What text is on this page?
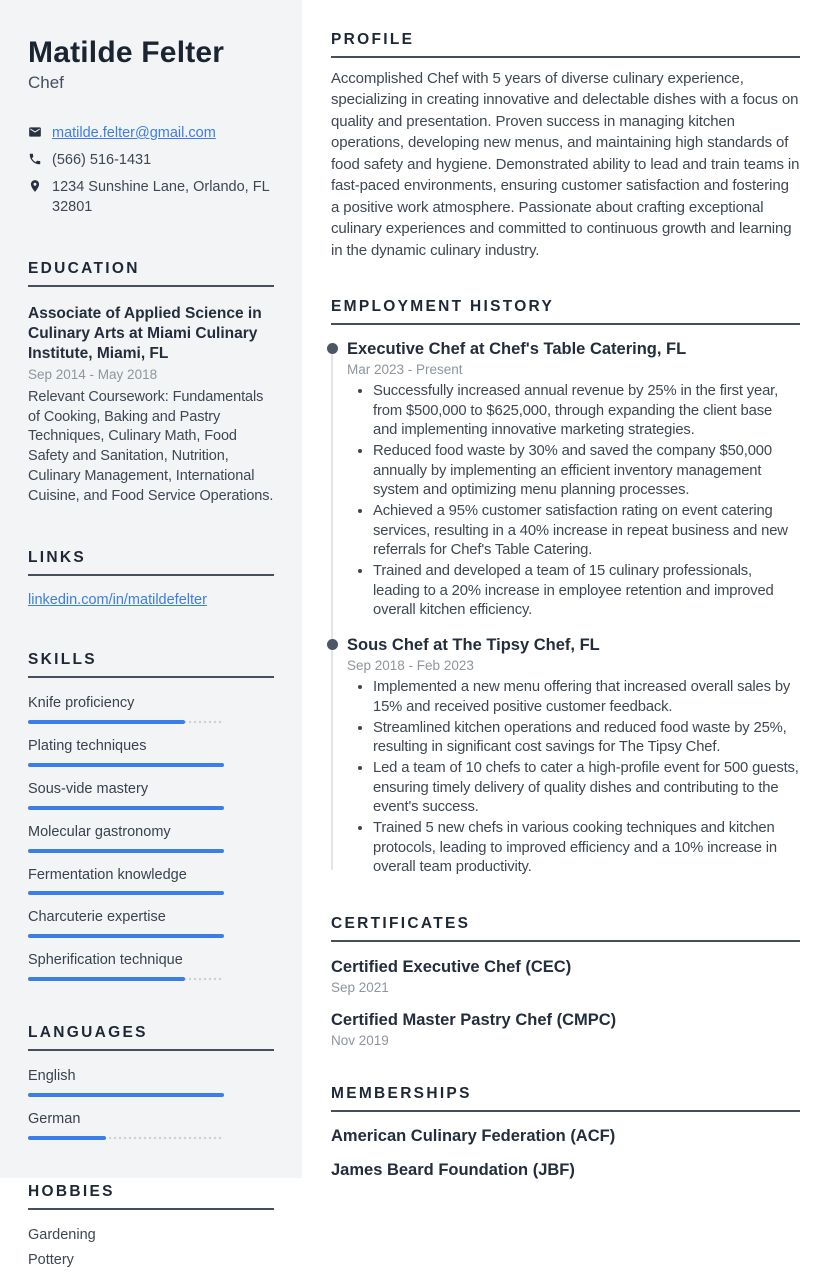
Matilde Felter
Chef
matilde.felter@gmail.com
(566) 516-1431
1234 Sunshine Lane, Orlando, FL 32801
EDUCATION
Associate of Applied Science in Culinary Arts at Miami Culinary Institute, Miami, FL
Sep 2014 - May 2018
Relevant Coursework: Fundamentals of Cooking, Baking and Pastry Techniques, Culinary Math, Food Safety and Sanitation, Nutrition, Culinary Management, International Cuisine, and Food Service Operations.
LINKS
linkedin.com/in/matildefelter
SKILLS
Knife proficiency
Plating techniques
Sous-vide mastery
Molecular gastronomy
Fermentation knowledge
Charcuterie expertise
Spherification technique
LANGUAGES
English
German
HOBBIES
Gardening
Pottery
PROFILE

Accomplished Chef with 5 years of diverse culinary experience, specializing in creating innovative and delectable dishes with a focus on quality and presentation. Proven success in managing kitchen operations, developing new menus, and maintaining high standards of food safety and hygiene. Demonstrated ability to lead and train teams in fast-paced environments, ensuring customer satisfaction and fostering a positive work atmosphere. Passionate about crafting exceptional culinary experiences and committed to continuous growth and learning in the dynamic culinary industry.

EMPLOYMENT HISTORY
Executive Chef at Chef's Table Catering, FL
Mar 2023 - Present
• Successfully increased annual revenue by 25% in the first year, from $500,000 to $625,000, through expanding the client base and implementing innovative marketing strategies.
• Reduced food waste by 30% and saved the company $50,000 annually by implementing an efficient inventory management system and optimizing menu planning processes.
• Achieved a 95% customer satisfaction rating on event catering services, resulting in a 40% increase in repeat business and new referrals for Chef's Table Catering.
• Trained and developed a team of 15 culinary professionals, leading to a 20% increase in employee retention and improved overall kitchen efficiency.
Sous Chef at The Tipsy Chef, FL
Sep 2018 - Feb 2023
• Implemented a new menu offering that increased overall sales by 15% and received positive customer feedback.
• Streamlined kitchen operations and reduced food waste by 25%, resulting in significant cost savings for The Tipsy Chef.
• Led a team of 10 chefs to cater a high-profile event for 500 guests, ensuring timely delivery of quality dishes and contributing to the event's success.
• Trained 5 new chefs in various cooking techniques and kitchen protocols, leading to improved efficiency and a 10% increase in overall team productivity.
CERTIFICATES
Certified Executive Chef (CEC)
Sep 2021
Certified Master Pastry Chef (CMPC)
Nov 2019
MEMBERSHIPS
American Culinary Federation (ACF)
James Beard Foundation (JBF)
